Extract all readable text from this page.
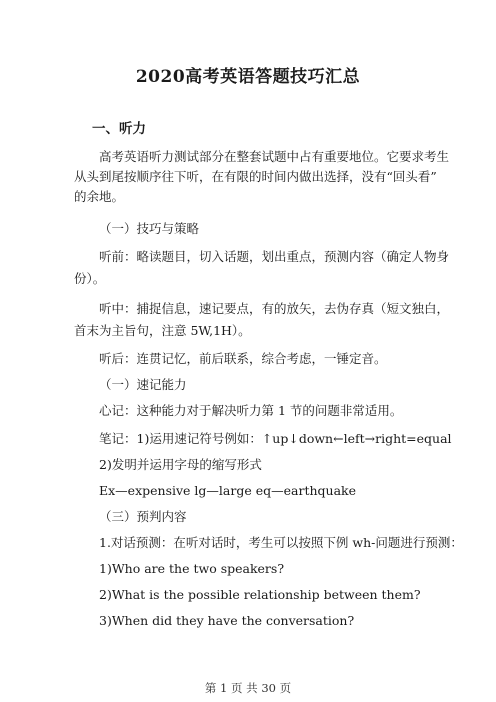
2020高考英语答题技巧汇总
一、听力
高考英语听力测试部分在整套试题中占有重要地位。它要求考生
从头到尾按顺序往下听，在有限的时间内做出选择，没有“回头看”
的余地。
（一）技巧与策略
听前：略读题目，切入话题，划出重点，预测内容（确定人物身
份）。
听中：捕捉信息，速记要点，有的放矢，去伪存真（短文独白，
首末为主旨句，注意 5W,1H）。
听后：连贯记忆，前后联系，综合考虑，一锤定音。
（一）速记能力
心记：这种能力对于解决听力第 1 节的问题非常适用。
笔记：1)运用速记符号例如：↑up↓down←left→right=equal
2)发明并运用字母的缩写形式
Ex—expensive lg—large eq—earthquake
（三）预判内容
1.对话预测：在听对话时，考生可以按照下例 wh-问题进行预测：
1)Who are the two speakers?
2)What is the possible relationship between them?
3)When did they have the conversation?
第 1 页 共 30 页
